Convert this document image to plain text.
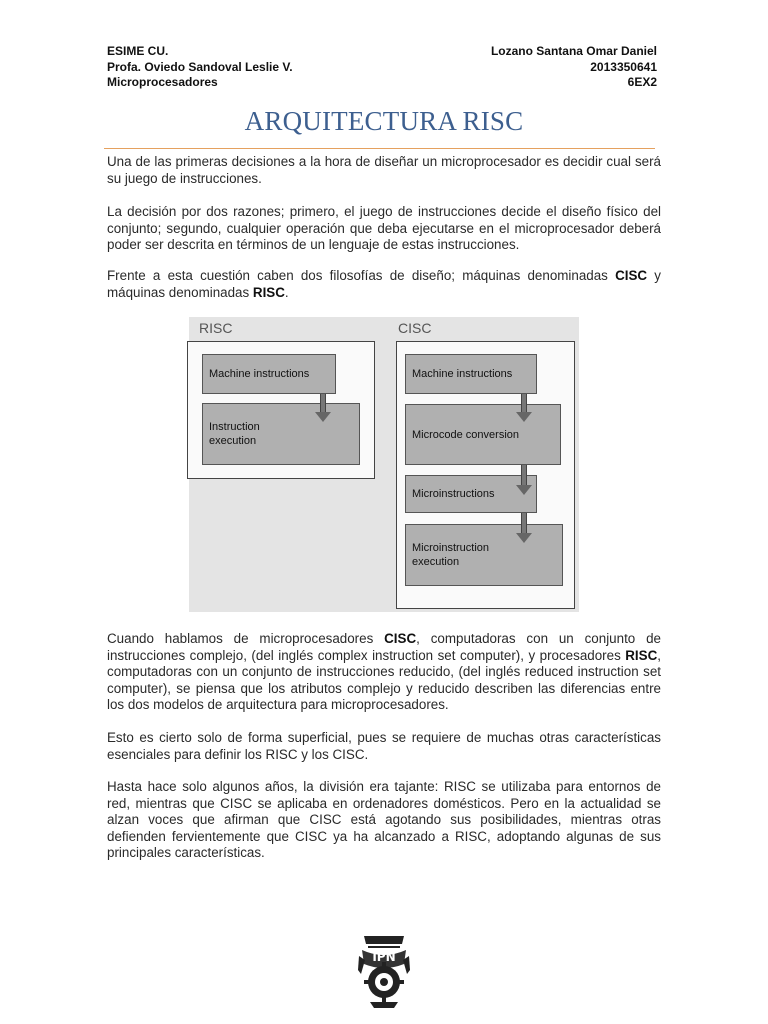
ESIME CU.
Profa. Oviedo Sandoval Leslie V.
Microprocesadores
Lozano Santana Omar Daniel
2013350641
6EX2
ARQUITECTURA RISC

Una de las primeras decisiones a la hora de diseñar un microprocesador es decidir cual será su juego de instrucciones.

La decisión por dos razones; primero, el juego de instrucciones decide el diseño físico del conjunto; segundo, cualquier operación que deba ejecutarse en el microprocesador deberá poder ser descrita en términos de un lenguaje de estas instrucciones.

Frente a esta cuestión caben dos filosofías de diseño; máquinas denominadas CISC y máquinas denominadas RISC.

RISC	CISC
Machine instructions
Instruction execution
Machine instructions
Microcode conversion
Microinstructions
Microinstruction execution

Cuando hablamos de microprocesadores CISC, computadoras con un conjunto de instrucciones complejo, (del inglés complex instruction set computer), y procesadores RISC, computadoras con un conjunto de instrucciones reducido, (del inglés reduced instruction set computer), se piensa que los atributos complejo y reducido describen las diferencias entre los dos modelos de arquitectura para microprocesadores.

Esto es cierto solo de forma superficial, pues se requiere de muchas otras características esenciales para definir los RISC y los CISC.

Hasta hace solo algunos años, la división era tajante: RISC se utilizaba para entornos de red, mientras que CISC se aplicaba en ordenadores domésticos. Pero en la actualidad se alzan voces que afirman que CISC está agotando sus posibilidades, mientras otras defienden fervientemente que CISC ya ha alcanzado a RISC, adoptando algunas de sus principales características.

IPN
